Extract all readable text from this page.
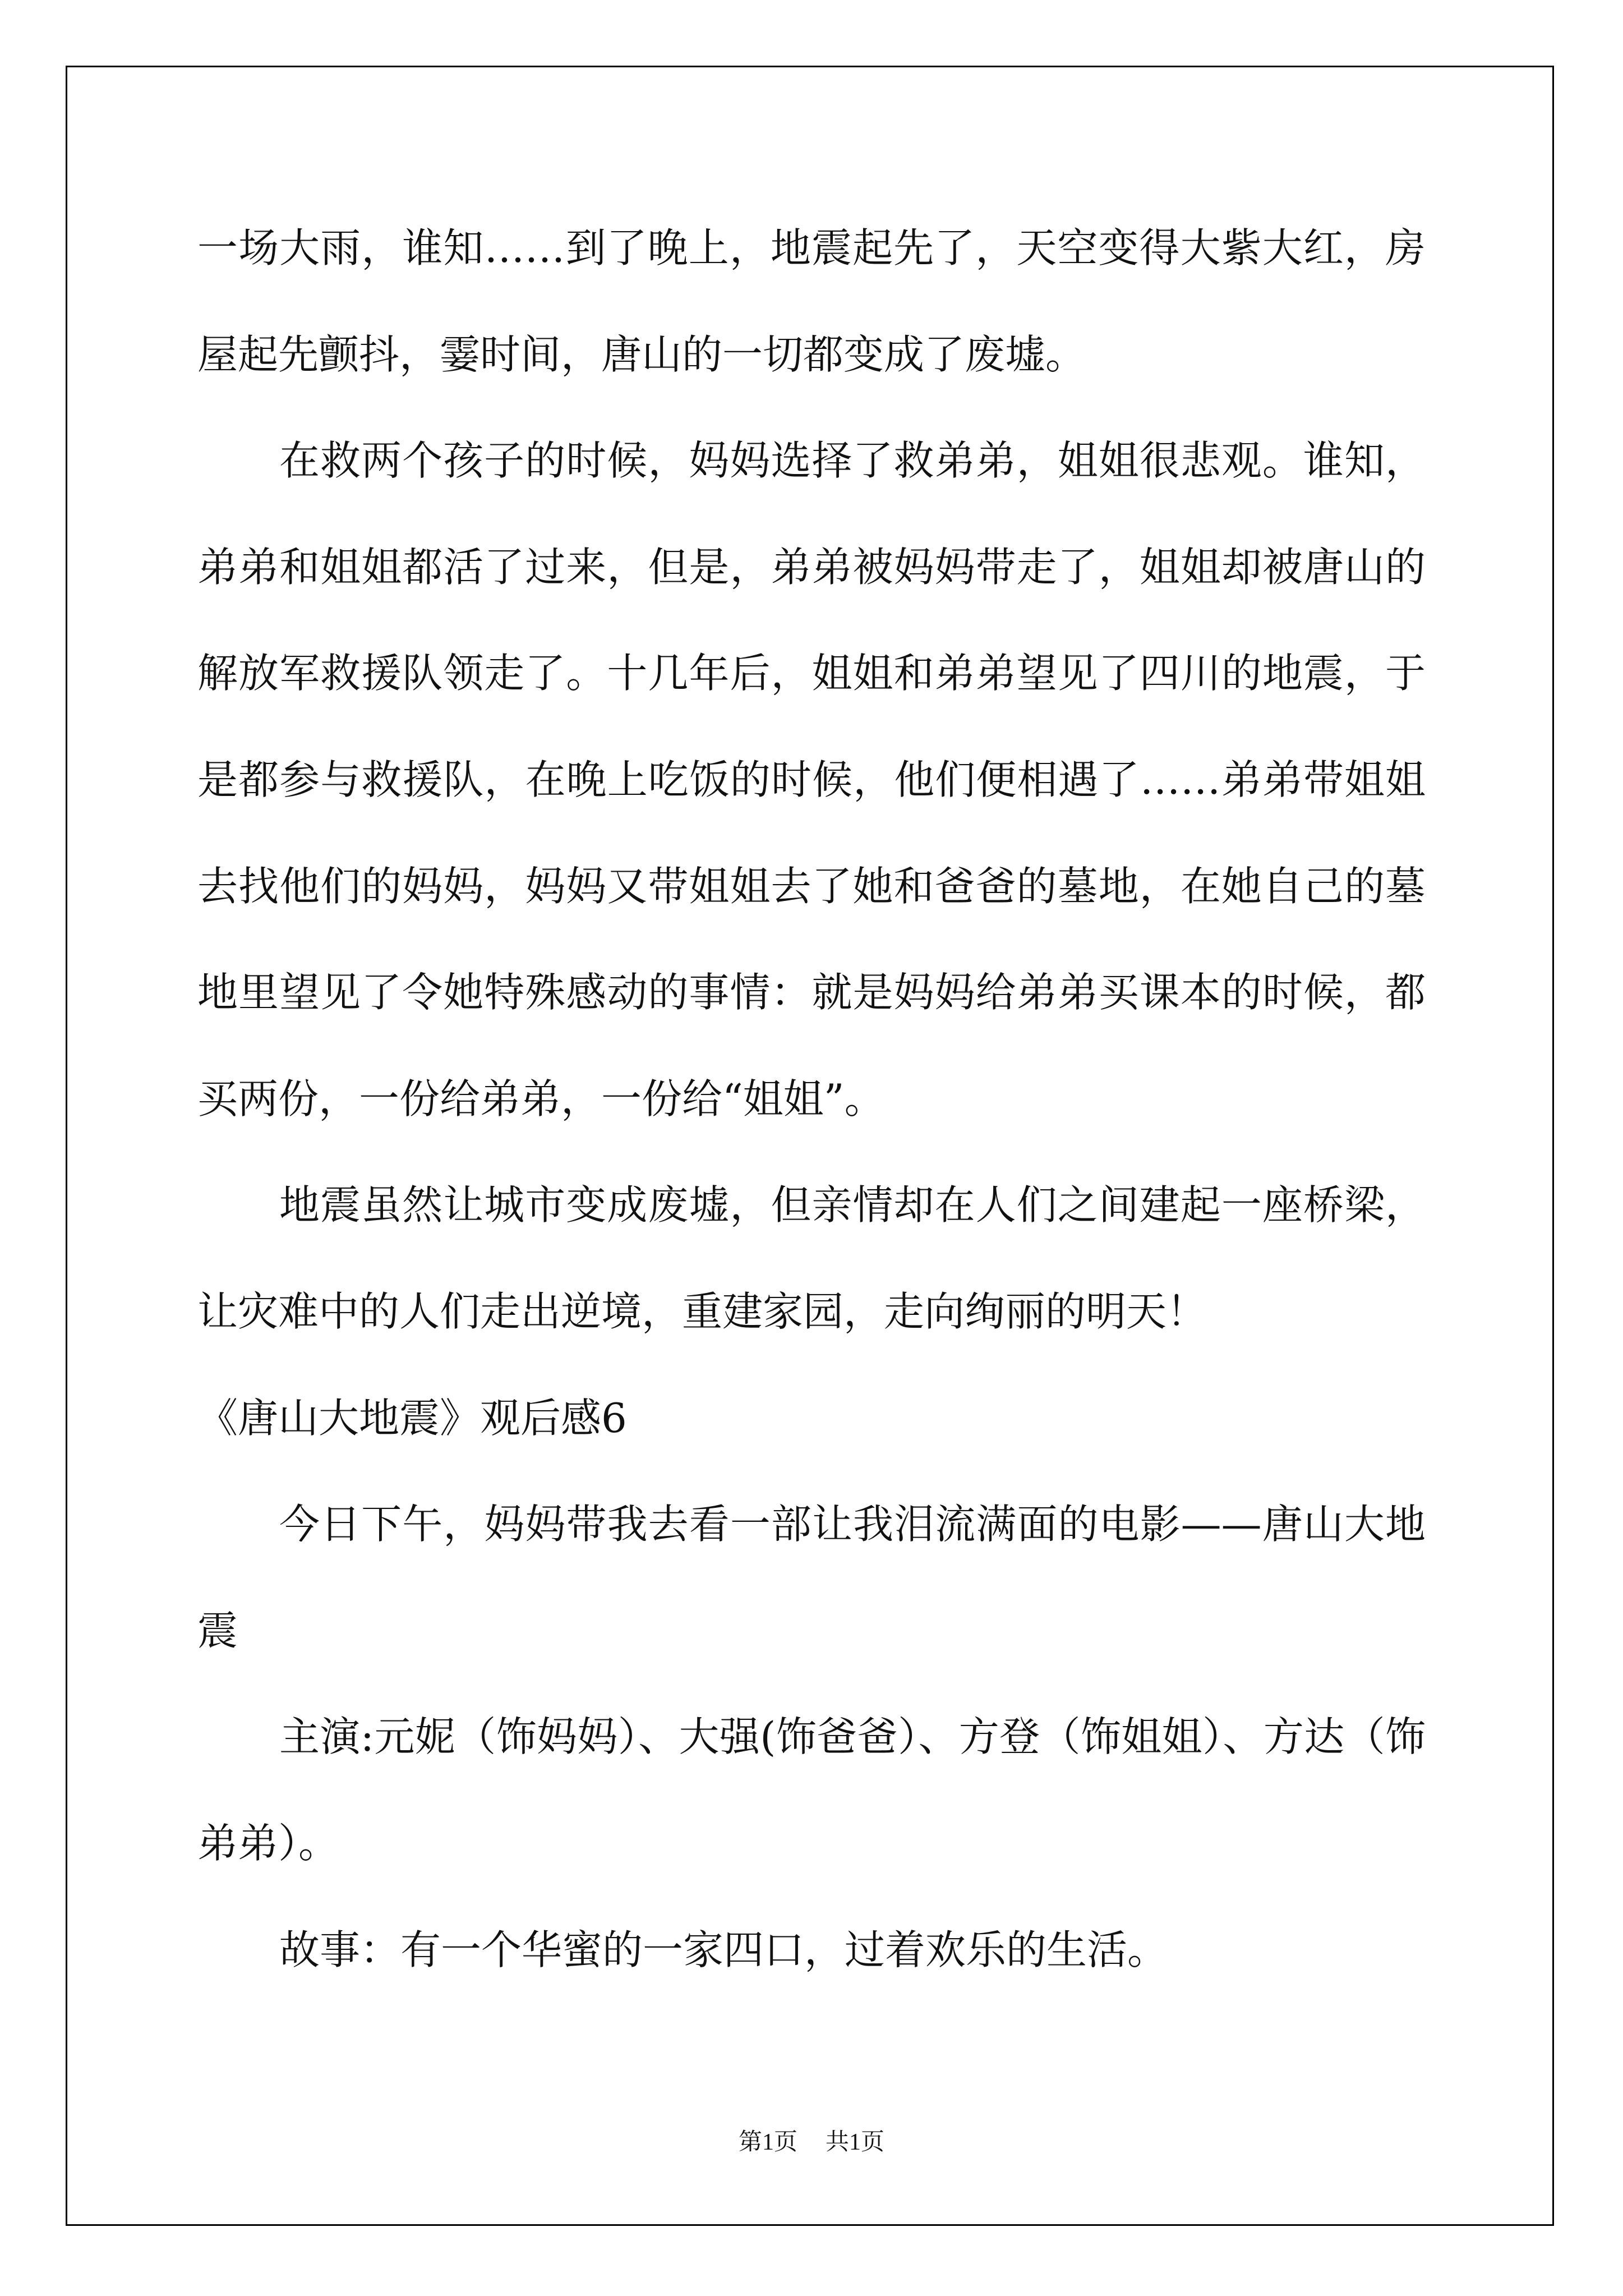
一场大雨，谁知……到了晚上，地震起先了，天空变得大紫大红，房
屋起先颤抖，霎时间，唐山的一切都变成了废墟。
在救两个孩子的时候，妈妈选择了救弟弟，姐姐很悲观。谁知，
弟弟和姐姐都活了过来，但是，弟弟被妈妈带走了，姐姐却被唐山的
解放军救援队领走了。十几年后，姐姐和弟弟望见了四川的地震，于
是都参与救援队，在晚上吃饭的时候，他们便相遇了……弟弟带姐姐
去找他们的妈妈，妈妈又带姐姐去了她和爸爸的墓地，在她自己的墓
地里望见了令她特殊感动的事情：就是妈妈给弟弟买课本的时候，都
买两份，一份给弟弟，一份给“姐姐”。
地震虽然让城市变成废墟，但亲情却在人们之间建起一座桥梁，
让灾难中的人们走出逆境，重建家园，走向绚丽的明天！
《唐山大地震》观后感6
今日下午，妈妈带我去看一部让我泪流满面的电影——唐山大地
震
主演:元妮（饰妈妈）、大强(饰爸爸）、方登（饰姐姐）、方达（饰
弟弟）。
故事：有一个华蜜的一家四口，过着欢乐的生活。
第1页 共1页
